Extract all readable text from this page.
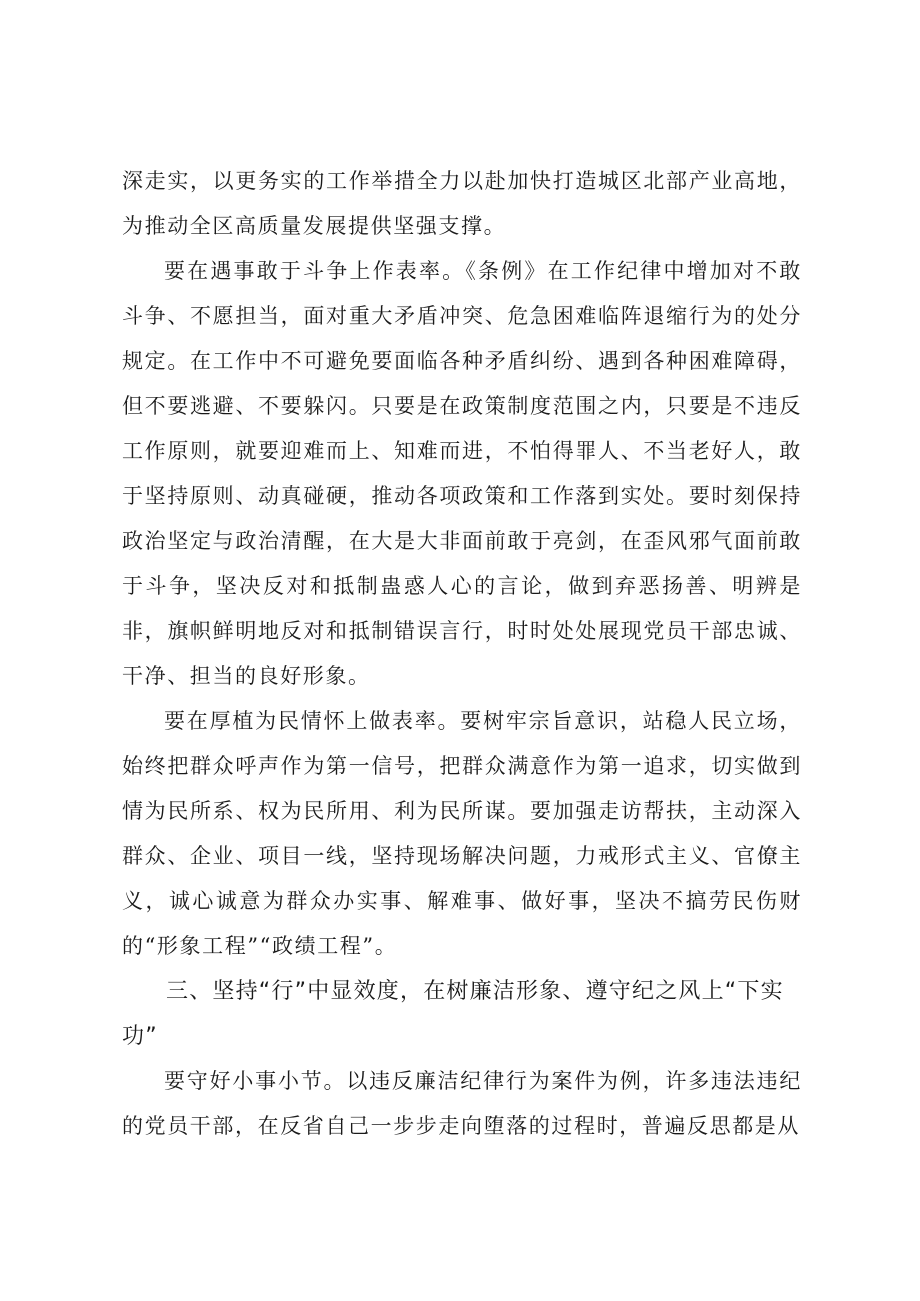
深走实，以更务实的工作举措全力以赴加快打造城区北部产业高地，为推动全区高质量发展提供坚强支撑。

要在遇事敢于斗争上作表率。《条例》在工作纪律中增加对不敢斗争、不愿担当，面对重大矛盾冲突、危急困难临阵退缩行为的处分规定。在工作中不可避免要面临各种矛盾纠纷、遇到各种困难障碍，但不要逃避、不要躲闪。只要是在政策制度范围之内，只要是不违反工作原则，就要迎难而上、知难而进，不怕得罪人、不当老好人，敢于坚持原则、动真碰硬，推动各项政策和工作落到实处。要时刻保持政治坚定与政治清醒，在大是大非面前敢于亮剑，在歪风邪气面前敢于斗争，坚决反对和抵制蛊惑人心的言论，做到弃恶扬善、明辨是非，旗帜鲜明地反对和抵制错误言行，时时处处展现党员干部忠诚、干净、担当的良好形象。

要在厚植为民情怀上做表率。要树牢宗旨意识，站稳人民立场，始终把群众呼声作为第一信号，把群众满意作为第一追求，切实做到情为民所系、权为民所用、利为民所谋。要加强走访帮扶，主动深入群众、企业、项目一线，坚持现场解决问题，力戒形式主义、官僚主义，诚心诚意为群众办实事、解难事、做好事，坚决不搞劳民伤财的“形象工程”“政绩工程”。

三、坚持“行”中显效度，在树廉洁形象、遵守纪之风上“下实功”

要守好小事小节。以违反廉洁纪律行为案件为例，许多违法违纪的党员干部，在反省自己一步步走向堕落的过程时，普遍反思都是从
